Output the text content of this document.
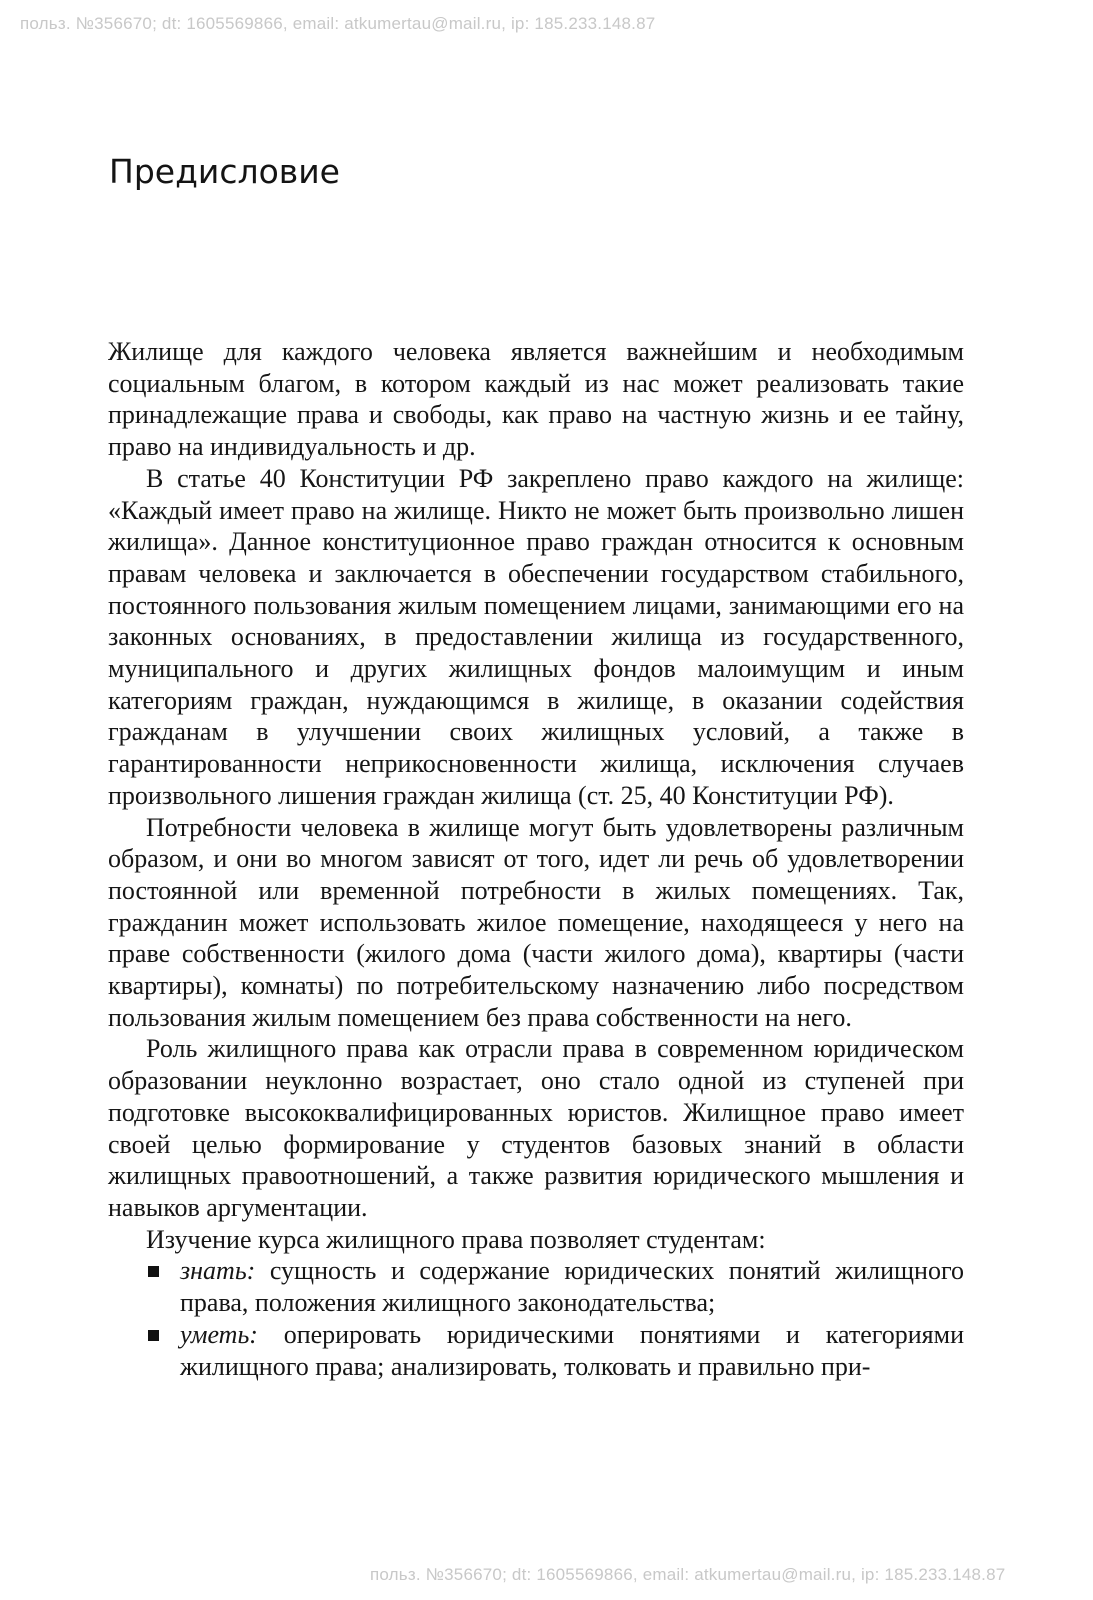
польз. №356670; dt: 1605569866, email: atkumertau@mail.ru, ip: 185.233.148.87
Предисловие

Жилище для каждого человека является важнейшим и необходимым социальным благом, в котором каждый из нас может реализовать такие принадлежащие права и свободы, как право на частную жизнь и ее тайну, право на индивидуальность и др.

В статье 40 Конституции РФ закреплено право каждого на жилище: «Каждый имеет право на жилище. Никто не может быть произвольно лишен жилища». Данное конституционное право граждан относится к основным правам человека и заключается в обеспечении государством стабильного, постоянного пользования жилым помещением лицами, занимающими его на законных основаниях, в предоставлении жилища из государственного, муниципального и других жилищных фондов малоимущим и иным категориям граждан, нуждающимся в жилище, в оказании содействия гражданам в улучшении своих жилищных условий, а также в гарантированности неприкосновенности жилища, исключения случаев произвольного лишения граждан жилища (ст. 25, 40 Конституции РФ).

Потребности человека в жилище могут быть удовлетворены различным образом, и они во многом зависят от того, идет ли речь об удовлетворении постоянной или временной потребности в жилых помещениях. Так, гражданин может использовать жилое помещение, находящееся у него на праве собственности (жилого дома (части жилого дома), квартиры (части квартиры), комнаты) по потребительскому назначению либо посредством пользования жилым помещением без права собственности на него.

Роль жилищного права как отрасли права в современном юридическом образовании неуклонно возрастает, оно стало одной из ступеней при подготовке высококвалифицированных юристов. Жилищное право имеет своей целью формирование у студентов базовых знаний в области жилищных правоотношений, а также развития юридического мышления и навыков аргументации.

Изучение курса жилищного права позволяет студентам:

знать: сущность и содержание юридических понятий жилищного права, положения жилищного законодательства;
уметь: оперировать юридическими понятиями и категориями жилищного права; анализировать, толковать и правильно при-
польз. №356670; dt: 1605569866, email: atkumertau@mail.ru, ip: 185.233.148.87
